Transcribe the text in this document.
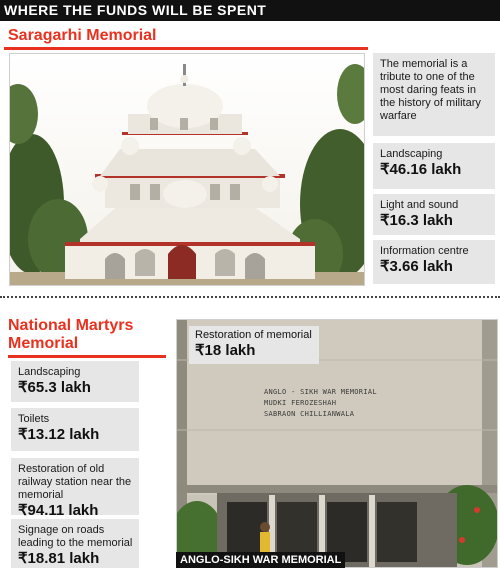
WHERE THE FUNDS WILL BE SPENT
Saragarhi Memorial
The memorial is a tribute to one of the most daring feats in the history of military warfare
Landscaping
₹46.16 lakh
Light and sound
₹16.3 lakh
Information centre
₹3.66 lakh
National Martyrs Memorial
Landscaping
₹65.3 lakh
Toilets
₹13.12 lakh
Restoration of old railway station near the memorial
₹94.11 lakh
Signage on roads leading to the memorial
₹18.81 lakh
ANGLO - SIKH WAR MEMORIAL
MUDKI FEROZESHAH
SABRAON CHILLIANWALA
Restoration of memorial
₹18 lakh
ANGLO-SIKH WAR MEMORIAL
